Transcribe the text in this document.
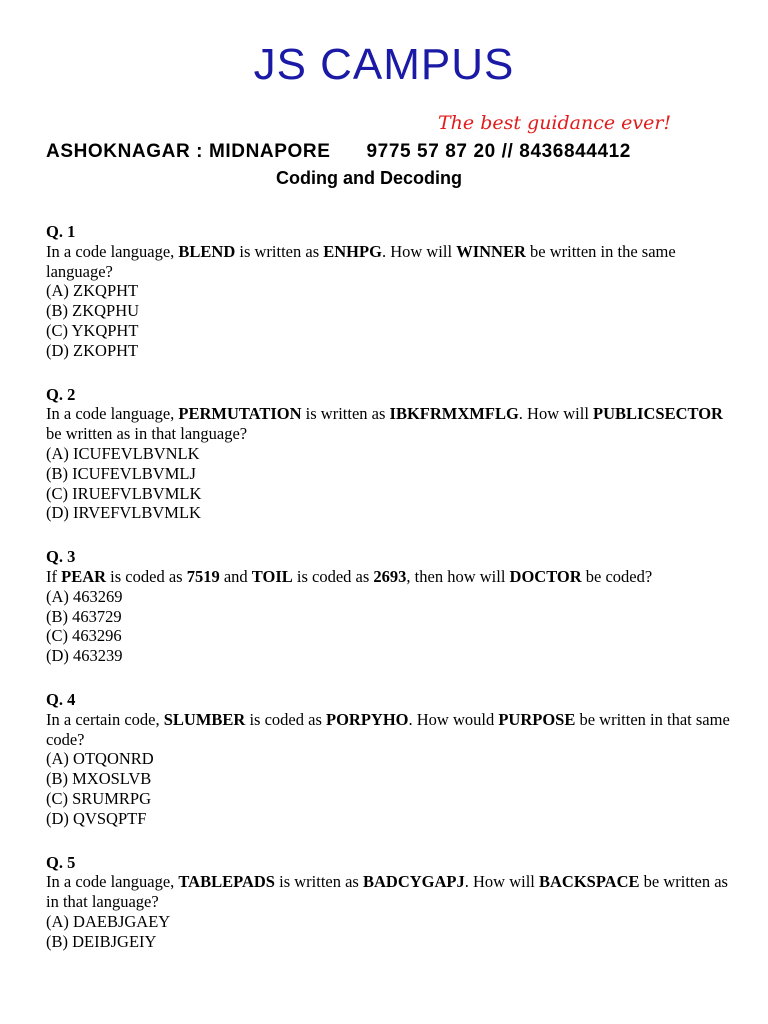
JS CAMPUS
The best guidance ever!
ASHOKNAGAR : MIDNAPORE 9775 57 87 20 // 8436844412
Coding and Decoding
Q. 1
In a code language, BLEND is written as ENHPG. How will WINNER be written in the same language?
(A) ZKQPHT
(B) ZKQPHU
(C) YKQPHT
(D) ZKOPHT
Q. 2
In a code language, PERMUTATION is written as IBKFRMXMFLG. How will PUBLICSECTOR be written as in that language?
(A) ICUFEVLBVNLK
(B) ICUFEVLBVMLJ
(C) IRUEFVLBVMLK
(D) IRVEFVLBVMLK
Q. 3
If PEAR is coded as 7519 and TOIL is coded as 2693, then how will DOCTOR be coded?
(A) 463269
(B) 463729
(C) 463296
(D) 463239
Q. 4
In a certain code, SLUMBER is coded as PORPYHO. How would PURPOSE be written in that same code?
(A) OTQONRD
(B) MXOSLVB
(C) SRUMRPG
(D) QVSQPTF
Q. 5
In a code language, TABLEPADS is written as BADCYGAPJ. How will BACKSPACE be written as in that language?
(A) DAEBJGAEY
(B) DEIBJGEIY
